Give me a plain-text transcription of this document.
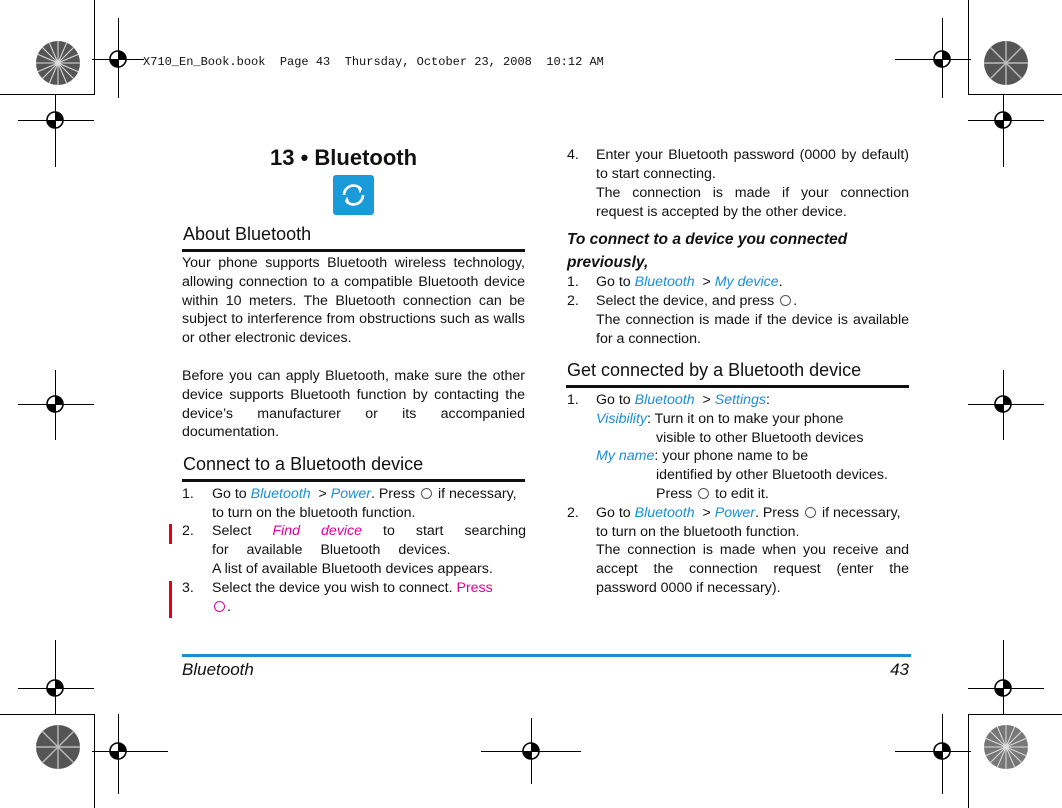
X710_En_Book.book  Page 43  Thursday, October 23, 2008  10:12 AM
13 • Bluetooth
About Bluetooth
Your phone supports Bluetooth wireless technology, allowing connection to a compatible Bluetooth device within 10 meters. The Bluetooth connection can be subject to interference from obstructions such as walls or other electronic devices.
Before you can apply Bluetooth, make sure the other device supports Bluetooth function by contacting the device’s manufacturer or its accompanied documentation.
Connect to a Bluetooth device
1.	Go to Bluetooth  > Power. Press  if necessary, to turn on the bluetooth function.
2.	Select Find device to start searching for available Bluetooth devices.
A list of available Bluetooth devices appears.
3.	Select the device you wish to connect. Press
.
4.	Enter your Bluetooth password (0000 by default) to start connecting.
The connection is made if your connection request is accepted by the other device.
To connect to a device you connected previously,
1.	Go to Bluetooth  > My device.
2.	Select the device, and press .
The connection is made if the device is available for a connection.
Get connected by a Bluetooth device
1.	Go to Bluetooth  > Settings:
Visibility: Turn it on to make your phone
visible to other Bluetooth devices
My name: your phone name to be
identified by other Bluetooth devices.
Press  to edit it.
2.	Go to Bluetooth  > Power. Press  if necessary, to turn on the bluetooth function.
The connection is made when you receive and accept the connection request (enter the password 0000 if necessary).
Bluetooth	43
